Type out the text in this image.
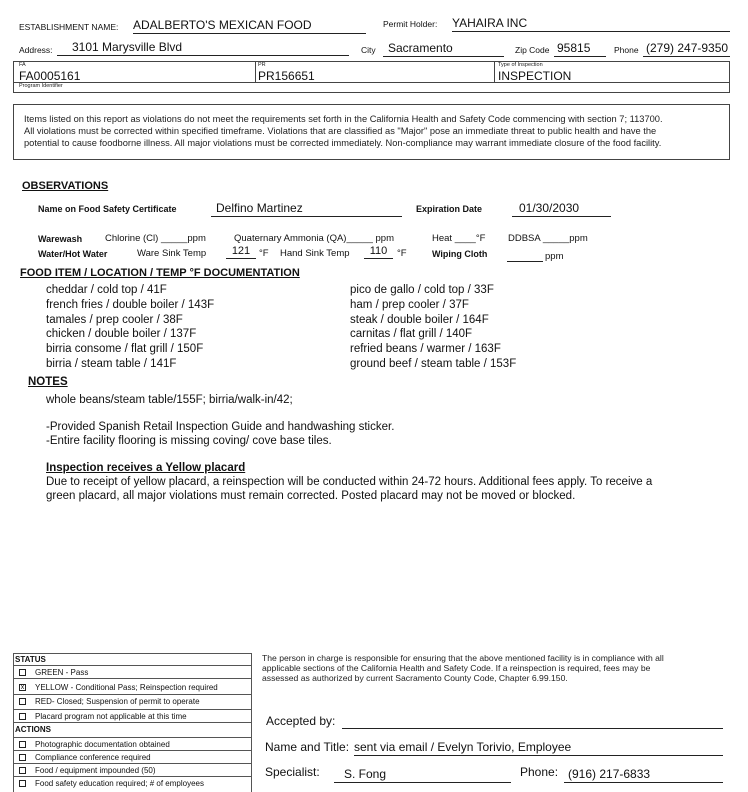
ESTABLISHMENT NAME: ADALBERTO'S MEXICAN FOOD	Permit Holder: YAHAIRA INC
Address:	3101 Marysville Blvd	City	Sacramento	Zip Code 95815	Phone (279) 247-9350
FA
FA0005161
PR
PR156651
Type of Inspection
INSPECTION
Program Identifier
Items listed on this report as violations do not meet the requirements set forth in the California Health and Safety Code commencing with section 7; 113700.
All violations must be corrected within specified timeframe. Violations that are classified as "Major" pose an immediate threat to public health and have the
potential to cause foodborne illness. All major violations must be corrected immediately. Non-compliance may warrant immediate closure of the food facility.
OBSERVATIONS
Name on Food Safety Certificate	Delfino Martinez	Expiration Date	01/30/2030
Warewash Chlorine (Cl) _____ppm	Quaternary Ammonia (QA)_____ ppm	Heat ____°F DDBSA _____ppm
Water/Hot Water	Ware Sink Temp	121 °F Hand Sink Temp	110	°F	Wiping Cloth	ppm
FOOD ITEM / LOCATION / TEMP °F DOCUMENTATION
cheddar / cold top / 41F
french fries / double boiler / 143F
tamales / prep cooler / 38F
chicken / double boiler / 137F
birria consome / flat grill / 150F
birria / steam table / 141F
pico de gallo / cold top / 33F
ham / prep cooler / 37F
steak / double boiler / 164F
carnitas / flat grill / 140F
refried beans / warmer / 163F
ground beef / steam table / 153F
NOTES
whole beans/steam table/155F; birria/walk-in/42;
-Provided Spanish Retail Inspection Guide and handwashing sticker.
-Entire facility flooring is missing coving/ cove base tiles.
Inspection receives a Yellow placard
Due to receipt of yellow placard, a reinspection will be conducted within 24-72 hours. Additional fees apply. To receive a
green placard, all major violations must remain corrected. Posted placard may not be moved or blocked.
STATUS
GREEN - Pass
x YELLOW - Conditional Pass; Reinspection required
RED- Closed; Suspension of permit to operate
Placard program not applicable at this time
ACTIONS
Photographic documentation obtained
Compliance conference required
Food / equipment impounded (50)
Food safety education required; # of employees
The person in charge is responsible for ensuring that the above mentioned facility is in compliance with all
applicable sections of the California Health and Safety Code. If a reinspection is required, fees may be
assessed as authorized by current Sacramento County Code, Chapter 6.99.150.
Accepted by:
Name and Title: sent via email / Evelyn Torivio, Employee
Specialist:	S. Fong	Phone: (916) 217-6833
